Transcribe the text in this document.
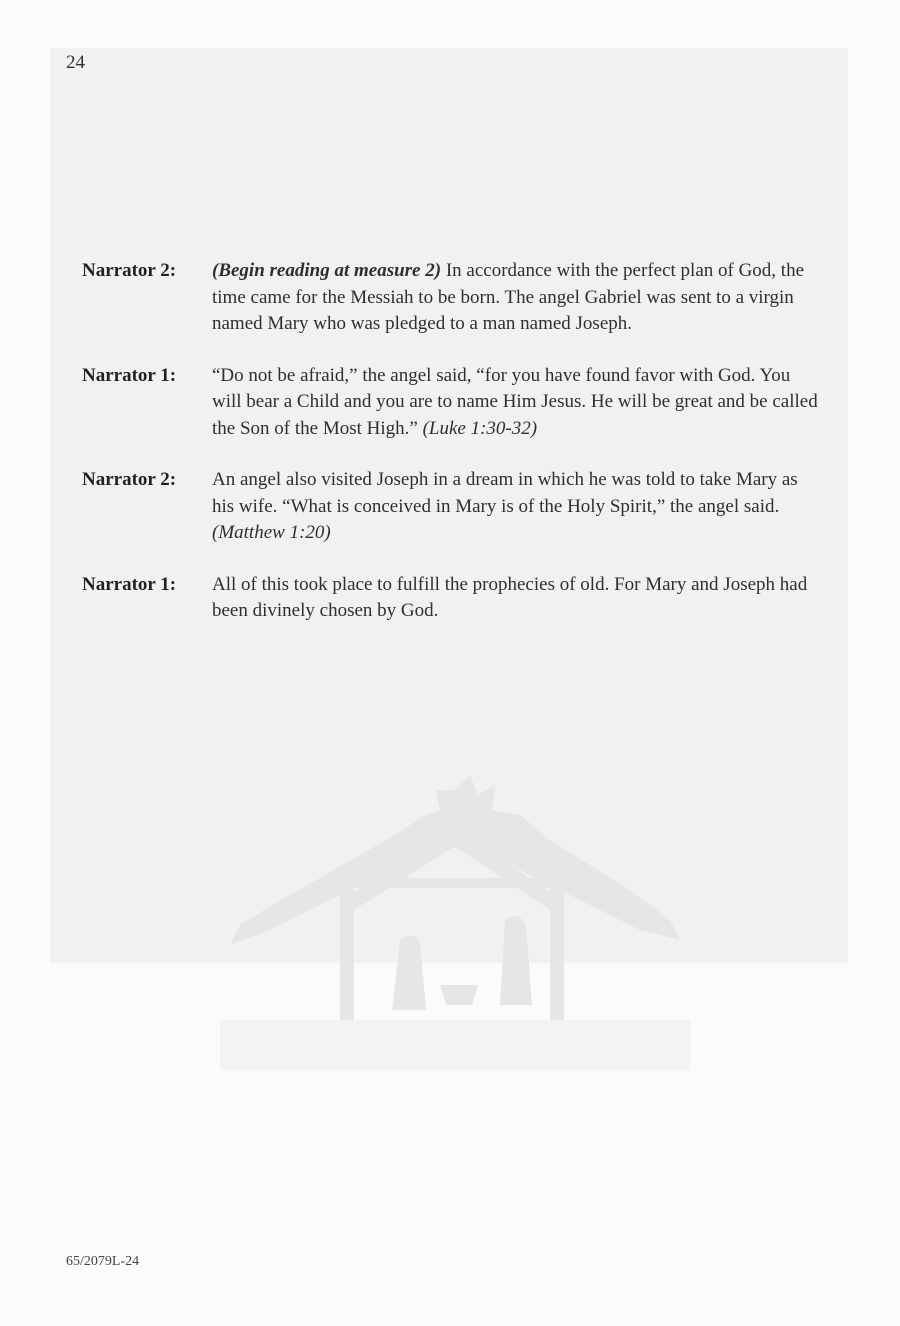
24
Narrator 2:	(Begin reading at measure 2) In accordance with the perfect plan of God, the time came for the Messiah to be born. The angel Gabriel was sent to a virgin named Mary who was pledged to a man named Joseph.
Narrator 1:	“Do not be afraid,” the angel said, “for you have found favor with God. You will bear a Child and you are to name Him Jesus. He will be great and be called the Son of the Most High.” (Luke 1:30-32)
Narrator 2:	An angel also visited Joseph in a dream in which he was told to take Mary as his wife. “What is conceived in Mary is of the Holy Spirit,” the angel said. (Matthew 1:20)
Narrator 1:	All of this took place to fulfill the prophecies of old. For Mary and Joseph had been divinely chosen by God.
65/2079L-24
